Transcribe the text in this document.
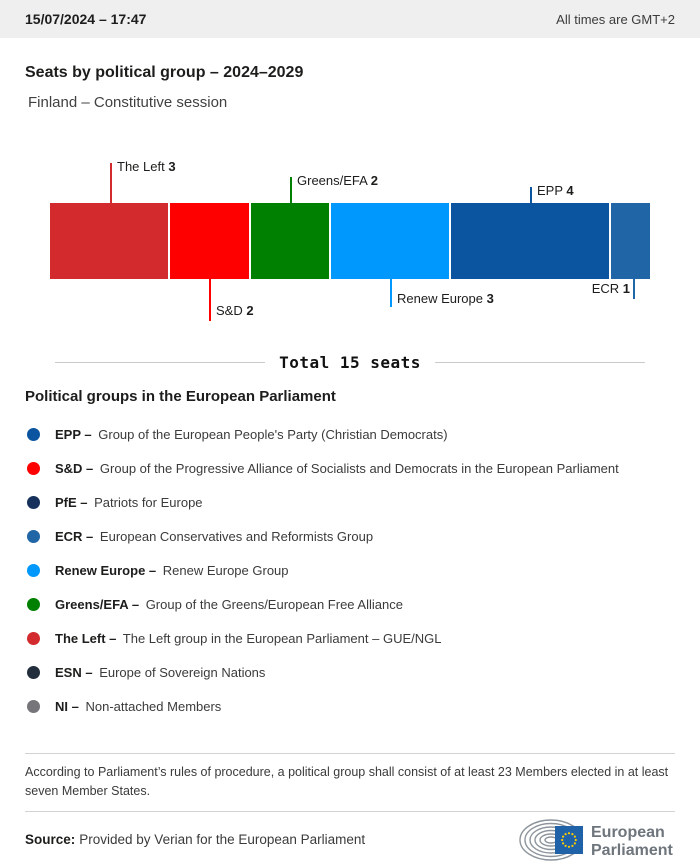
15/07/2024 – 17:47	All times are GMT+2
Seats by political group – 2024–2029
Finland – Constitutive session
The Left 3
Greens/EFA 2
EPP 4
S&D 2
Renew Europe 3
ECR 1
Total 15 seats
Political groups in the European Parliament
EPP – Group of the European People's Party (Christian Democrats)
S&D – Group of the Progressive Alliance of Socialists and Democrats in the European Parliament
PfE – Patriots for Europe
ECR – European Conservatives and Reformists Group
Renew Europe – Renew Europe Group
Greens/EFA – Group of the Greens/European Free Alliance
The Left – The Left group in the European Parliament – GUE/NGL
ESN – Europe of Sovereign Nations
NI – Non-attached Members
According to Parliament’s rules of procedure, a political group shall consist of at least 23 Members elected in at least seven Member States.
Source: Provided by Verian for the European Parliament	European
Parliament
